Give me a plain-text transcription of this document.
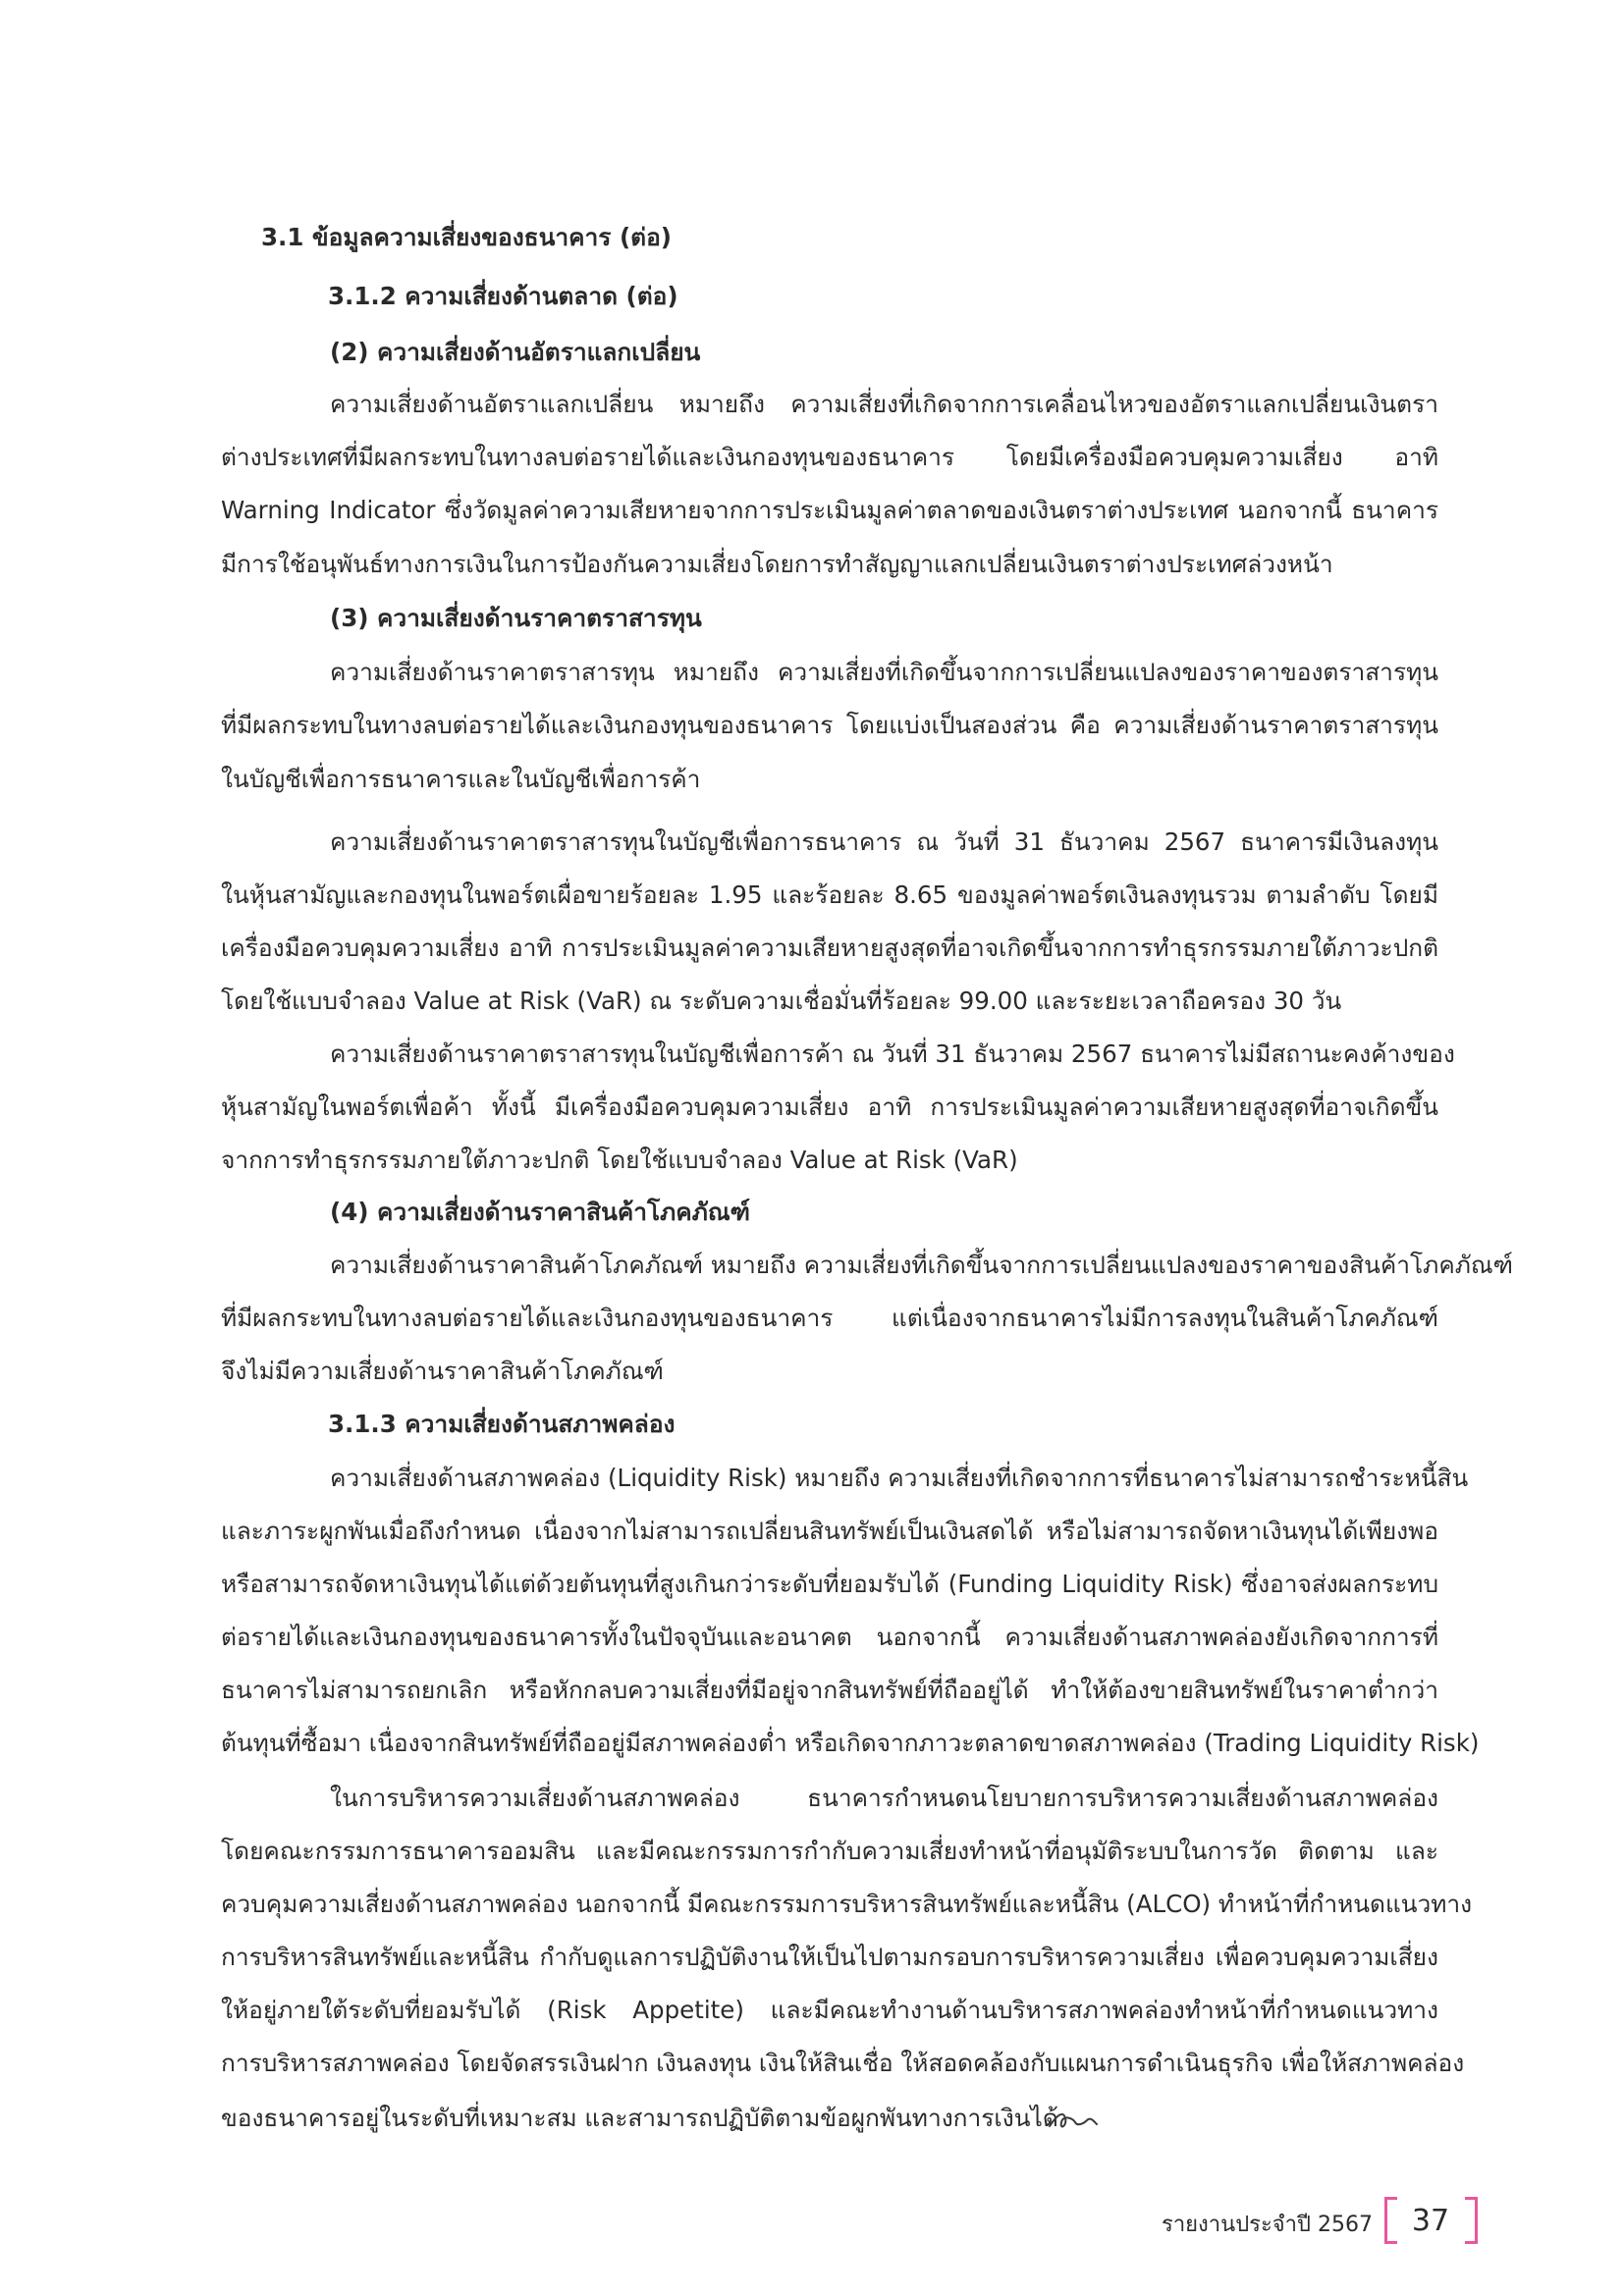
3.1 ข้อมูลความเสี่ยงของธนาคาร (ต่อ)

3.1.2 ความเสี่ยงด้านตลาด (ต่อ)

(2) ความเสี่ยงด้านอัตราแลกเปลี่ยน

ความเสี่ยงด้านอัตราแลกเปลี่ยน หมายถึง ความเสี่ยงที่เกิดจากการเคลื่อนไหวของอัตราแลกเปลี่ยนเงินตรา

ต่างประเทศที่มีผลกระทบในทางลบต่อรายได้และเงินกองทุนของธนาคาร โดยมีเครื่องมือควบคุมความเสี่ยง อาทิ

Warning Indicator ซึ่งวัดมูลค่าความเสียหายจากการประเมินมูลค่าตลาดของเงินตราต่างประเทศ นอกจากนี้ ธนาคาร

มีการใช้อนุพันธ์ทางการเงินในการป้องกันความเสี่ยงโดยการทำสัญญาแลกเปลี่ยนเงินตราต่างประเทศล่วงหน้า

(3) ความเสี่ยงด้านราคาตราสารทุน

ความเสี่ยงด้านราคาตราสารทุน หมายถึง ความเสี่ยงที่เกิดขึ้นจากการเปลี่ยนแปลงของราคาของตราสารทุน

ที่มีผลกระทบในทางลบต่อรายได้และเงินกองทุนของธนาคาร โดยแบ่งเป็นสองส่วน คือ ความเสี่ยงด้านราคาตราสารทุน

ในบัญชีเพื่อการธนาคารและในบัญชีเพื่อการค้า

ความเสี่ยงด้านราคาตราสารทุนในบัญชีเพื่อการธนาคาร ณ วันที่ 31 ธันวาคม 2567 ธนาคารมีเงินลงทุน

ในหุ้นสามัญและกองทุนในพอร์ตเผื่อขายร้อยละ 1.95 และร้อยละ 8.65 ของมูลค่าพอร์ตเงินลงทุนรวม ตามลำดับ โดยมี

เครื่องมือควบคุมความเสี่ยง อาทิ การประเมินมูลค่าความเสียหายสูงสุดที่อาจเกิดขึ้นจากการทำธุรกรรมภายใต้ภาวะปกติ

โดยใช้แบบจำลอง Value at Risk (VaR) ณ ระดับความเชื่อมั่นที่ร้อยละ 99.00 และระยะเวลาถือครอง 30 วัน

ความเสี่ยงด้านราคาตราสารทุนในบัญชีเพื่อการค้า ณ วันที่ 31 ธันวาคม 2567 ธนาคารไม่มีสถานะคงค้างของ

หุ้นสามัญในพอร์ตเพื่อค้า ทั้งนี้ มีเครื่องมือควบคุมความเสี่ยง อาทิ การประเมินมูลค่าความเสียหายสูงสุดที่อาจเกิดขึ้น

จากการทำธุรกรรมภายใต้ภาวะปกติ โดยใช้แบบจำลอง Value at Risk (VaR)

(4) ความเสี่ยงด้านราคาสินค้าโภคภัณฑ์

ความเสี่ยงด้านราคาสินค้าโภคภัณฑ์ หมายถึง ความเสี่ยงที่เกิดขึ้นจากการเปลี่ยนแปลงของราคาของสินค้าโภคภัณฑ์

ที่มีผลกระทบในทางลบต่อรายได้และเงินกองทุนของธนาคาร แต่เนื่องจากธนาคารไม่มีการลงทุนในสินค้าโภคภัณฑ์

จึงไม่มีความเสี่ยงด้านราคาสินค้าโภคภัณฑ์

3.1.3 ความเสี่ยงด้านสภาพคล่อง

ความเสี่ยงด้านสภาพคล่อง (Liquidity Risk) หมายถึง ความเสี่ยงที่เกิดจากการที่ธนาคารไม่สามารถชำระหนี้สิน

และภาระผูกพันเมื่อถึงกำหนด เนื่องจากไม่สามารถเปลี่ยนสินทรัพย์เป็นเงินสดได้ หรือไม่สามารถจัดหาเงินทุนได้เพียงพอ

หรือสามารถจัดหาเงินทุนได้แต่ด้วยต้นทุนที่สูงเกินกว่าระดับที่ยอมรับได้ (Funding Liquidity Risk) ซึ่งอาจส่งผลกระทบ

ต่อรายได้และเงินกองทุนของธนาคารทั้งในปัจจุบันและอนาคต นอกจากนี้ ความเสี่ยงด้านสภาพคล่องยังเกิดจากการที่

ธนาคารไม่สามารถยกเลิก หรือหักกลบความเสี่ยงที่มีอยู่จากสินทรัพย์ที่ถืออยู่ได้ ทำให้ต้องขายสินทรัพย์ในราคาต่ำกว่า

ต้นทุนที่ซื้อมา เนื่องจากสินทรัพย์ที่ถืออยู่มีสภาพคล่องต่ำ หรือเกิดจากภาวะตลาดขาดสภาพคล่อง (Trading Liquidity Risk)

ในการบริหารความเสี่ยงด้านสภาพคล่อง ธนาคารกำหนดนโยบายการบริหารความเสี่ยงด้านสภาพคล่อง

โดยคณะกรรมการธนาคารออมสิน และมีคณะกรรมการกำกับความเสี่ยงทำหน้าที่อนุมัติระบบในการวัด ติดตาม และ

ควบคุมความเสี่ยงด้านสภาพคล่อง นอกจากนี้ มีคณะกรรมการบริหารสินทรัพย์และหนี้สิน (ALCO) ทำหน้าที่กำหนดแนวทาง

การบริหารสินทรัพย์และหนี้สิน กำกับดูแลการปฏิบัติงานให้เป็นไปตามกรอบการบริหารความเสี่ยง เพื่อควบคุมความเสี่ยง

ให้อยู่ภายใต้ระดับที่ยอมรับได้ (Risk Appetite) และมีคณะทำงานด้านบริหารสภาพคล่องทำหน้าที่กำหนดแนวทาง

การบริหารสภาพคล่อง โดยจัดสรรเงินฝาก เงินลงทุน เงินให้สินเชื่อ ให้สอดคล้องกับแผนการดำเนินธุรกิจ เพื่อให้สภาพคล่อง

ของธนาคารอยู่ในระดับที่เหมาะสม และสามารถปฏิบัติตามข้อผูกพันทางการเงินได้

รายงานประจำปี 2567	37
